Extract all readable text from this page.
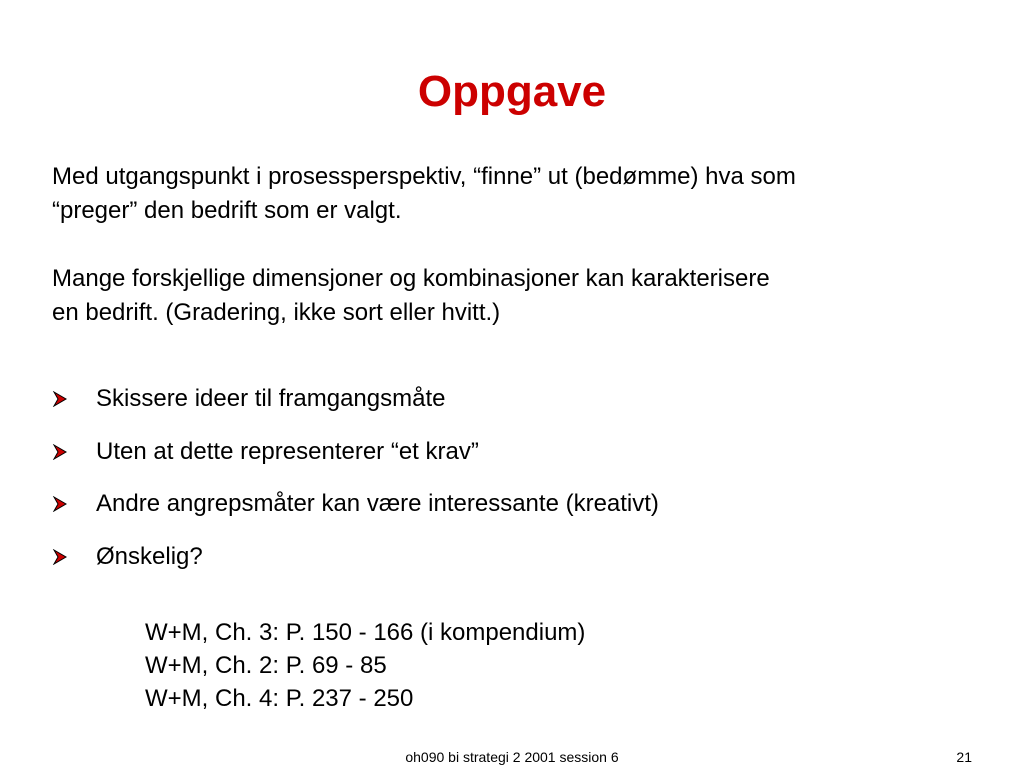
Oppgave
Med utgangspunkt i prosessperspektiv, “finne” ut (bedømme) hva som
“preger” den bedrift som er valgt.
Mange forskjellige dimensjoner og kombinasjoner kan karakterisere
en bedrift. (Gradering, ikke sort eller hvitt.)
Skissere ideer til framgangsmåte
Uten at dette representerer “et krav”
Andre angrepsmåter kan være interessante (kreativt)
Ønskelig?
W+M, Ch. 3: P. 150 - 166 (i kompendium)
W+M, Ch. 2: P. 69 - 85
W+M, Ch. 4: P. 237 - 250
oh090 bi strategi 2 2001 session 6	21
